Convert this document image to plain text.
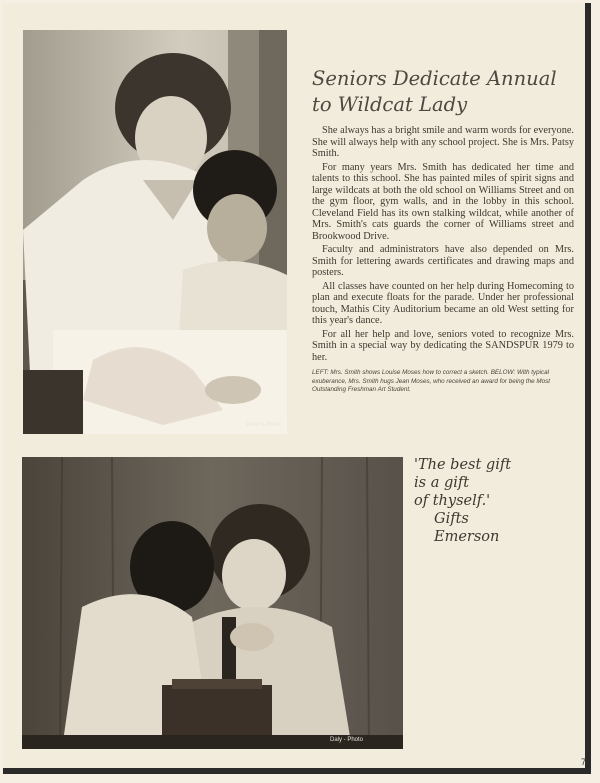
Duke's Photo
Seniors Dedicate Annual
to Wildcat Lady

She always has a bright smile and warm words for everyone. She will always help with any school project. She is Mrs. Patsy Smith.

For many years Mrs. Smith has dedicated her time and talents to this school. She has painted miles of spirit signs and large wildcats at both the old school on Williams Street and on the gym floor, gym walls, and in the lobby in this school. Cleveland Field has its own stalking wildcat, while another of Mrs. Smith's cats guards the corner of Williams street and Brookwood Drive.

Faculty and administrators have also depended on Mrs. Smith for lettering awards certificates and drawing maps and posters.

All classes have counted on her help during Homecoming to plan and execute floats for the parade. Under her professional touch, Mathis City Auditorium became an old West setting for this year's dance.

For all her help and love, seniors voted to recognize Mrs. Smith in a special way by dedicating the SANDSPUR 1979 to her.

LEFT: Mrs. Smith shows Louise Moses how to correct a sketch. BELOW: With typical exuberance, Mrs. Smith hugs Jean Moses, who received an award for being the Most Outstanding Freshman Art Student.
Daly - Photo
'The best gift
is a gift
of thyself.'
Gifts
Emerson
7
